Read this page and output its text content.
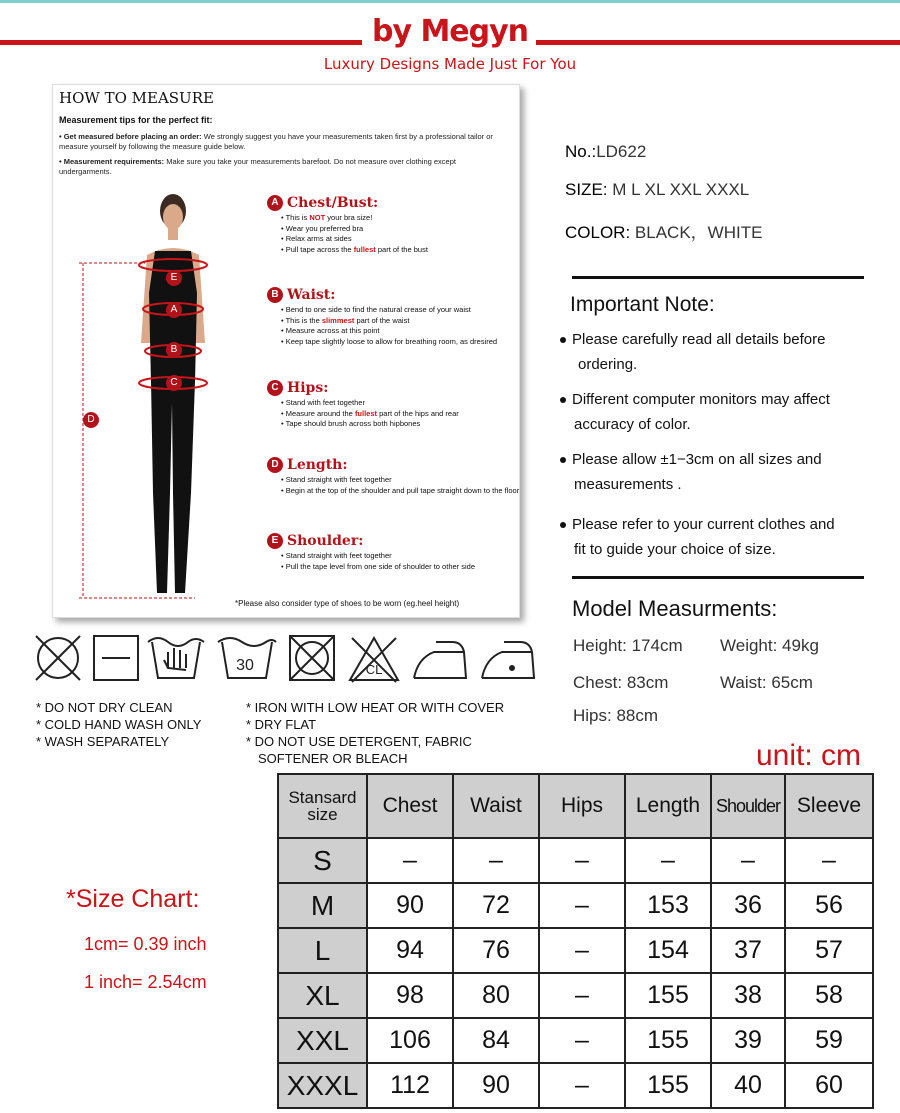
by Megyn
Luxury Designs Made Just For You
HOW TO MEASURE
Measurement tips for the perfect fit:
• Get measured before placing an order: We strongly suggest you have your measurements taken first by a professional tailor or measure yourself by following the measure guide below.
• Measurement requirements: Make sure you take your measurements barefoot. Do not measure over clothing except undergarments.
E
A
B
C
D
A Chest/Bust:
• This is NOT your bra size!
• Wear you preferred bra
• Relax arms at sides
• Pull tape across the fullest part of the bust
B Waist:
• Bend to one side to find the natural crease of your waist
• This is the slimmest part of the waist
• Measure across at this point
• Keep tape slightly loose to allow for breathing room, as dresired
C Hips:
• Stand with feet together
• Measure around the fullest part of the hips and rear
• Tape should brush across both hipbones
D Length:
• Stand straight with feet together
• Begin at the top of the shoulder and pull tape straight down to the floor
E Shoulder:
• Stand straight with feet together
• Pull the tape level from one side of shoulder to other side
*Please also consider type of shoes to be worn (eg.heel height)
No.:LD622
SIZE: M L XL XXL XXXL
COLOR: BLACK，WHITE
Important Note:
Please carefully read all details before
ordering.
Different computer monitors may affect
accuracy of color.
Please allow ±1−3cm on all sizes and
measurements .
Please refer to your current clothes and
fit to guide your choice of size.
Model Measurments:
Height: 174cm Weight: 49kg
Chest: 83cm	Waist: 65cm
Hips: 88cm
30	CL
* DO NOT DRY CLEAN
* COLD HAND WASH ONLY
* WASH SEPARATELY
* IRON WITH LOW HEAT OR WITH COVER
* DRY FLAT
* DO NOT USE DETERGENT, FABRIC
SOFTENER OR BLEACH	unit: cm
*Size Chart:
1cm= 0.39 inch
1 inch= 2.54cm
Stansard size	Chest	Waist	Hips	Length	Shoulder	Sleeve
S	–	–	–	–	–	–
M	90	72	–	153	36	56
L	94	76	–	154	37	57
XL	98	80	–	155	38	58
XXL	106	84	–	155	39	59
XXXL	112	90	–	155	40	60
